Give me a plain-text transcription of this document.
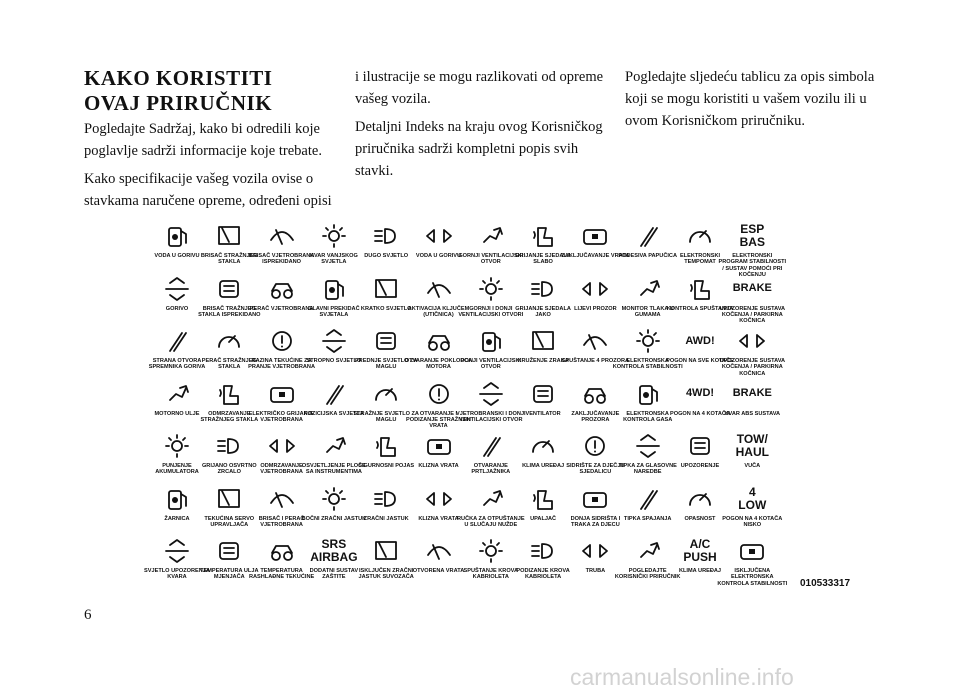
KAKO KORISTITI OVAJ PRIRUČNIK

Pogledajte Sadržaj, kako bi odredili koje poglavlje sadrži informacije koje trebate.

Kako specifikacije vašeg vozila ovise o stavkama naručene opreme, određeni opisi

i ilustracije se mogu razlikovati od opreme vašeg vozila.

Detaljni Indeks na kraju ovog Korisničkog priručnika sadrži kompletni popis svih stavki.

Pogledajte sljedeću tablicu za opis simbola koji se mogu koristiti u vašem vozilu ili u ovom Korisničkom priručniku.

VODA U GORIVU BRISAČ STRAŽNJEG STAKLA
BRISAČ VJETROBRANA ISPREKIDANO
KVAR VANJSKOG SVJETLA
DUGO SVJETLO	VODA U GORIVU
GORNJI VENTILACIJSKI OTVOR
GRIJANJE SJEDALA SLABO
ZAKLJUČAVANJE VRATA
PODESIVA PAPUČICA ELEKTRONSKI TEMPOMAT
ESP
BAS
ELEKTRONSKI PROGRAM STABILNOSTI / SUSTAV POMOĆI PRI KOČENJU
GORIVO	BRISAČ TRAŽNJEG STAKLA ISPREKIDANO
PERAČ VJETROBRANA
GLAVNI PREKIDAČ SVJETALA
KRATKO SVJETLO
AKTIVACIJA KLJUČEM (UTIČNICA)
GORNJI I DONJI VENTILACIJSKI OTVORI
GRIJANJE SJEDALA JAKO
LIJEVI PROZOR MONITOR TLAKA U GUMAMA
KONTROLA SPUŠTANJA
BRAKE
UPOZORENJE SUSTAVA KOČENJA / PARKIRNA KOČNICA
STRANA OTVORA SPREMNIKA GORIVA
PERAČ STRAŽNJEG STAKLA
RAZINA TEKUĆINE ZA PRANJE VJETROBRANA
STROPNO SVJETLO
PREDNJE SVJETLO ZA MAGLU
OTVARANJE POKLOPCA MOTORA
DONJI VENTILACIJSKI OTVOR
KRUŽENJE ZRAKA
SPUŠTANJE 4 PROZORA
ELEKTRONSKA KONTROLA STABILNOSTI
AWD!
POGON NA SVE KOTAČE
UPOZORENJE SUSTAVA KOČENJA / PARKIRNA KOČNICA
MOTORNO ULJE	ODMRZAVANJE STRAŽNJEG STAKLA
ELEKTRIČKO GRIJANJE VJETROBRANA
POZICIJSKA SVJETLA
STRAŽNJE SVJETLO ZA MAGLU
OTVARANJE I PODIZANJE STRAŽNJIH VRATA
VJETROBRANSKI I DONJI VENTILACIJSKI OTVOR
VENTILATOR	ZAKLJUČAVANJE PROZORA
ELEKTRONSKA KONTROLA GASA
4WD!
POGON NA 4 KOTAČA
BRAKE
KVAR ABS SUSTAVA
PUNJENJE AKUMULATORA
GRIJANO OSVRTNO ZRCALO
ODMRZAVANJE VJETROBRANA
OSVJETLJENJE PLOČE SA INSTRUMENTIMA
SIGURNOSNI POJAS KLIZNA VRATA	OTVARANJE PRTLJAŽNIKA
KLIMA UREĐAJ SIDRIŠTE ZA DJEČJU SJEDALICU
TIPKA ZA GLASOVNE NAREDBE
UPOZORENJE
TOW/
HAUL
VUČA
ŽARNICA	TEKUĆINA SERVO UPRAVLJAČA
BRISAČ I PERAČ VJETROBRANA
BOČNI ZRAČNI JASTUK
ZRAČNI JASTUK	KLIZNA VRATA
RUČKA ZA OTPUŠTANJE U SLUČAJU NUŽDE
UPALJAČ	DONJA SIDRIŠTA I TRAKA ZA DJECU
TIPKA SPAJANJA	OPASNOST
4
LOW
POGON NA 4 KOTAČA NISKO
SVJETLO UPOZORENJA KVARA
TEMPERATURA ULJA MJENJAČA
TEMPERATURA RASHLAĐNE TEKUĆINE
SRS
AIRBAG
DODATNI SUSTAV ZAŠTITE
ISKLJUČEN ZRAČNI JASTUK SUVOZAČA
OTVORENA VRATA SPUŠTANJE KROVA KABRIOLETA
PODIZANJE KROVA KABRIOLETA
TRUBA	POGLEDAJTE KORISNIČKI PRIRUČNIK
A/C
PUSH
KLIMA UREĐAJ	ISKLJUČENA ELEKTRONSKA KONTROLA STABILNOSTI 010533317
6
carmanualsonline.info
